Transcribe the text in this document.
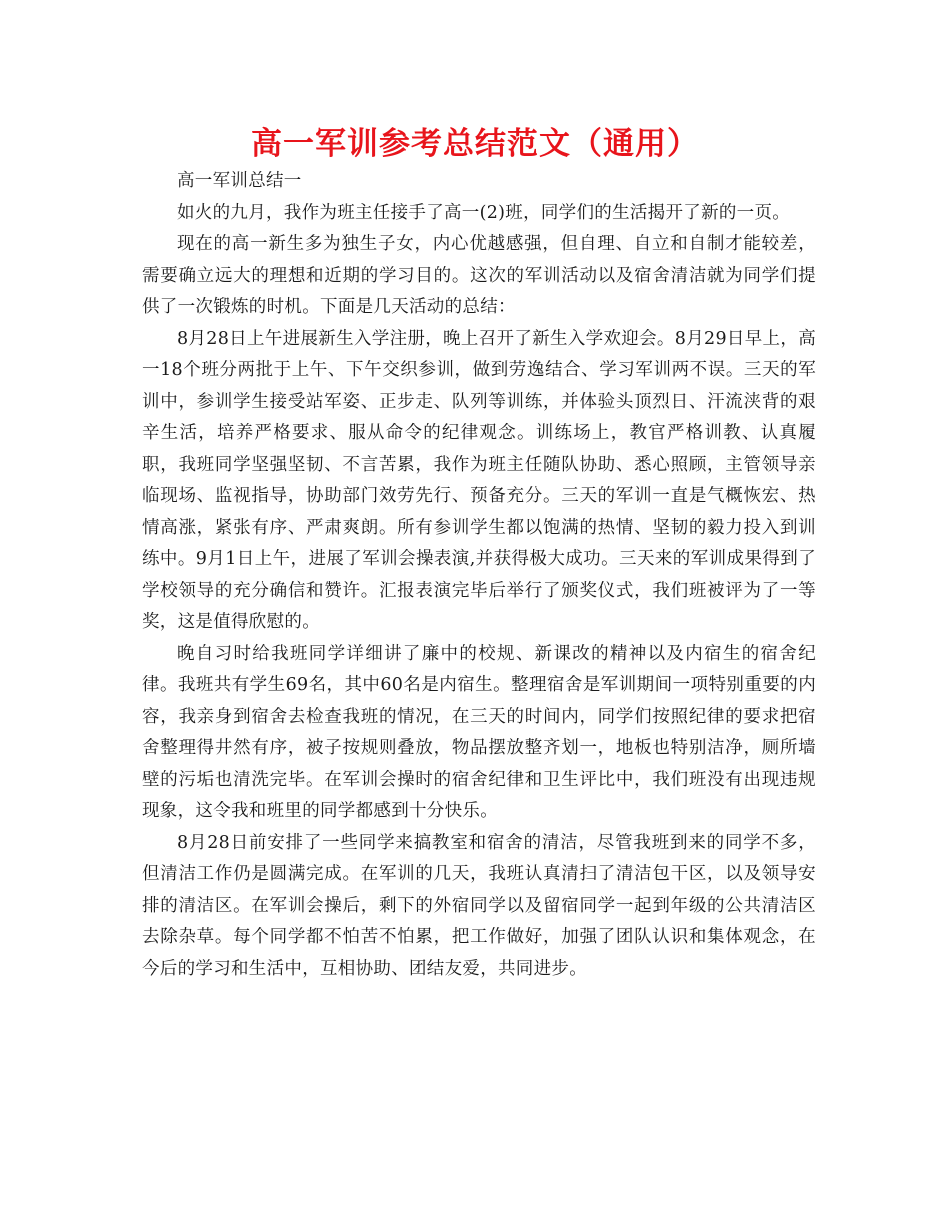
高一军训参考总结范文（通用）

高一军训总结一

如火的九月，我作为班主任接手了高一(2)班，同学们的生活揭开了新的一页。

现在的高一新生多为独生子女，内心优越感强，但自理、自立和自制才能较差，需要确立远大的理想和近期的学习目的。这次的军训活动以及宿舍清洁就为同学们提供了一次锻炼的时机。下面是几天活动的总结：

8月28日上午进展新生入学注册，晚上召开了新生入学欢迎会。8月29日早上，高一18个班分两批于上午、下午交织参训，做到劳逸结合、学习军训两不误。三天的军训中，参训学生接受站军姿、正步走、队列等训练，并体验头顶烈日、汗流浃背的艰辛生活，培养严格要求、服从命令的纪律观念。训练场上，教官严格训教、认真履职，我班同学坚强坚韧、不言苦累，我作为班主任随队协助、悉心照顾，主管领导亲临现场、监视指导，协助部门效劳先行、预备充分。三天的军训一直是气概恢宏、热情高涨，紧张有序、严肃爽朗。所有参训学生都以饱满的热情、坚韧的毅力投入到训练中。9月1日上午，进展了军训会操表演,并获得极大成功。三天来的军训成果得到了学校领导的充分确信和赞许。汇报表演完毕后举行了颁奖仪式，我们班被评为了一等奖，这是值得欣慰的。

晚自习时给我班同学详细讲了廉中的校规、新课改的精神以及内宿生的宿舍纪律。我班共有学生69名，其中60名是内宿生。整理宿舍是军训期间一项特别重要的内容，我亲身到宿舍去检查我班的情况，在三天的时间内，同学们按照纪律的要求把宿舍整理得井然有序，被子按规则叠放，物品摆放整齐划一，地板也特别洁净，厕所墙壁的污垢也清洗完毕。在军训会操时的宿舍纪律和卫生评比中，我们班没有出现违规现象，这令我和班里的同学都感到十分快乐。

8月28日前安排了一些同学来搞教室和宿舍的清洁，尽管我班到来的同学不多，但清洁工作仍是圆满完成。在军训的几天，我班认真清扫了清洁包干区，以及领导安排的清洁区。在军训会操后，剩下的外宿同学以及留宿同学一起到年级的公共清洁区去除杂草。每个同学都不怕苦不怕累，把工作做好，加强了团队认识和集体观念，在今后的学习和生活中，互相协助、团结友爱，共同进步。
